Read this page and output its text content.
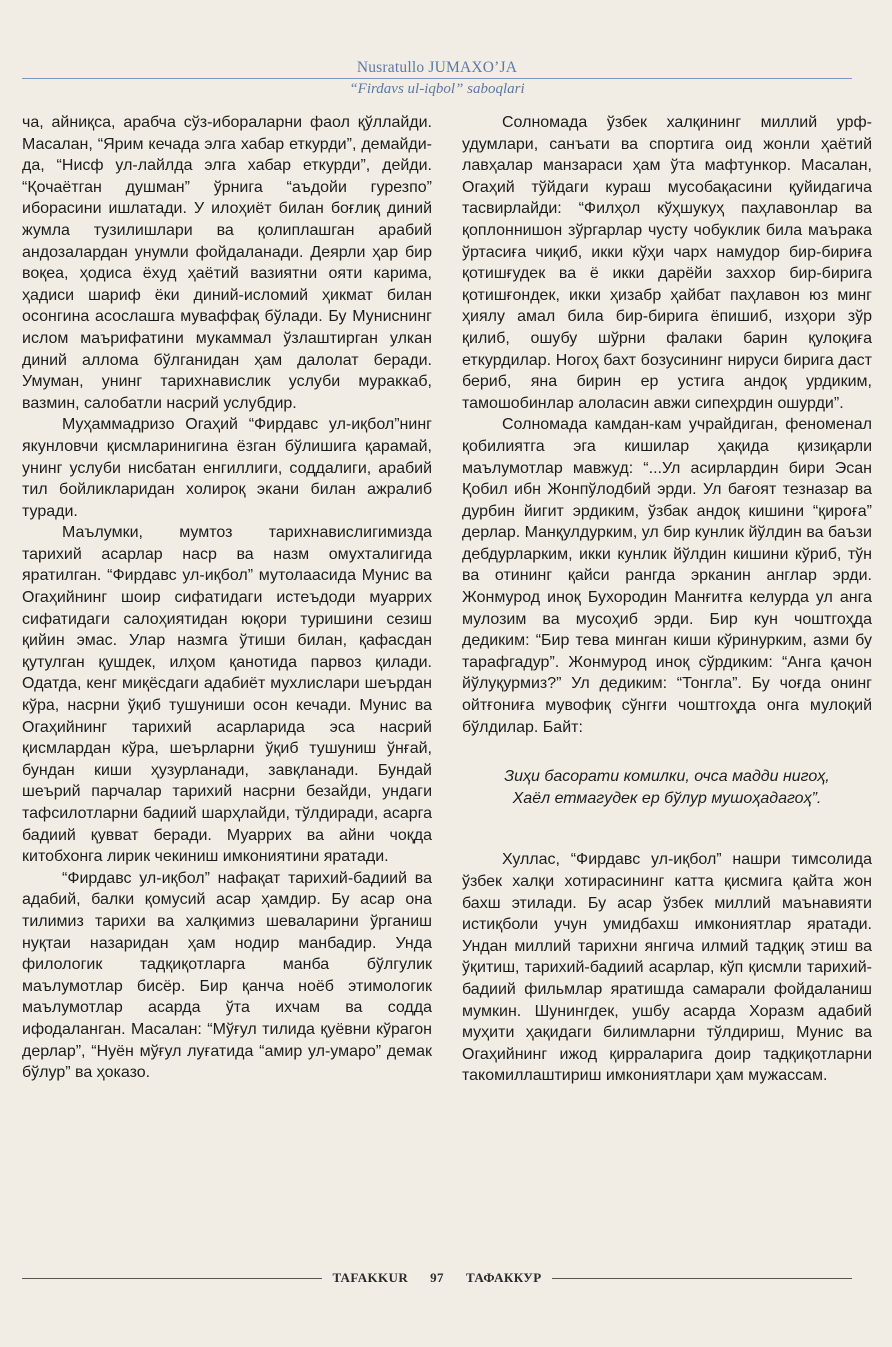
Nusratullo JUMAXO’JA
“Firdavs ul-iqbol” saboqlari

ча, айниқса, арабча сўз-ибораларни фаол қўллайди. Масалан, “Ярим кечада элга хабар еткурди”, демайди-да, “Нисф ул-лайлда элга хабар еткурди”, дейди. “Қочаётган душман” ўрнига “аъдойи гурезпо” иборасини ишлатади. У илоҳиёт билан боғлиқ диний жумла тузилишлари ва қолиплашган арабий андозалардан унумли фойдаланади. Деярли ҳар бир воқеа, ҳодиса ёхуд ҳаётий вазиятни ояти карима, ҳадиси шариф ёки диний-исломий ҳикмат билан осонгина асослашга муваффақ бўлади. Бу Муниснинг ислом маърифатини мукаммал ўзлаштирган улкан диний аллома бўлганидан ҳам далолат беради. Умуман, унинг тарихнавислик услуби мураккаб, вазмин, салобатли насрий услубдир.

Муҳаммадризо Огаҳий “Фирдавс ул-иқбол”нинг якунловчи қисмларинигина ёзган бўлишига қарамай, унинг услуби нисбатан енгиллиги, соддалиги, арабий тил бойликларидан холироқ экани билан ажралиб туради.

Маълумки, мумтоз тарихнавислигимизда тарихий асарлар наср ва назм омухталигида яратилган. “Фирдавс ул-иқбол” мутолаасида Мунис ва Огаҳийнинг шоир сифатидаги истеъдоди муаррих сифатидаги салоҳиятидан юқори туришини сезиш қийин эмас. Улар назмга ўтиши билан, қафасдан қутулган қушдек, илҳом қанотида парвоз қилади. Одатда, кенг миқёсдаги адабиёт мухлислари шеърдан кўра, насрни ўқиб тушуниши осон кечади. Мунис ва Огаҳийнинг тарихий асарларида эса насрий қисмлардан кўра, шеърларни ўқиб тушуниш ўнғай, бундан киши ҳузурланади, завқланади. Бундай шеърий парчалар тарихий насрни безайди, ундаги тафсилотларни бадиий шарҳлайди, тўлдиради, асарга бадиий қувват беради. Муаррих ва айни чоқда китобхонга лирик чекиниш имкониятини яратади.

“Фирдавс ул-иқбол” нафақат тарихий-бадиий ва адабий, балки қомусий асар ҳамдир. Бу асар она тилимиз тарихи ва халқимиз шеваларини ўрганиш нуқтаи назаридан ҳам нодир манбадир. Унда филологик тадқиқотларга манба бўлгулик маълумотлар бисёр. Бир қанча ноёб этимологик маълумотлар асарда ўта ихчам ва содда ифодаланган. Масалан: “Мўғул тилида қуёвни кўрагон дерлар”, “Нуён мўғул луғатида “амир ул-умаро” демак бўлур” ва ҳоказо.

Солномада ўзбек халқининг миллий урф-удумлари, санъати ва спортига оид жонли ҳаётий лавҳалар манзараси ҳам ўта мафтункор. Масалан, Огаҳий тўйдаги кураш мусобақасини қуйидагича тасвирлайди: “Филҳол кўҳшукуҳ паҳлавонлар ва қоплоннишон зўргарлар чусту чобуклик била маърака ўртасиға чиқиб, икки кўҳи чарх намудор бир-бириға қотишғудек ва ё икки дарёйи заххор бир-бирига қотишғондек, икки ҳизабр ҳайбат паҳлавон юз минг ҳиялу амал била бир-бирига ёпишиб, изҳори зўр қилиб, ошубу шўрни фалаки барин қулоқиға еткурдилар. Ногоҳ бахт бозусининг нируси бирига даст бериб, яна бирин ер устига андоқ урдиким, тамошобинлар алоласин авжи сипеҳрдин ошурди”.

Солномада камдан-кам учрайдиган, феноменал қобилиятга эга кишилар ҳақида қизиқарли маълумотлар мавжуд: “...Ул асирлардин бири Эсан Қобил ибн Жонпўлодбий эрди. Ул бағоят тезназар ва дурбин йигит эрдиким, ўзбак андоқ кишини “қироға” дерлар. Манқулдурким, ул бир кунлик йўлдин ва баъзи дебдурларким, икки кунлик йўлдин кишини кўриб, тўн ва отининг қайси рангда эрканин англар эрди. Жонмурод иноқ Бухородин Манғитға келурда ул анга мулозим ва мусоҳиб эрди. Бир кун чоштгоҳда дедиким: “Бир тева минган киши кўринурким, азми бу тарафгадур”. Жонмурод иноқ сўрдиким: “Анга қачон йўлуқурмиз?” Ул дедиким: “Тонгла”. Бу чоғда онинг ойтғониға мувофиқ сўнгғи чоштгоҳда онга мулоқий бўлдилар. Байт:

Зиҳи басорати комилки, очса мадди нигоҳ,
Хаёл етмагудек ер бўлур мушоҳадагоҳ”.

Хуллас, “Фирдавс ул-иқбол” нашри тимсолида ўзбек халқи хотирасининг катта қисмига қайта жон бахш этилади. Бу асар ўзбек миллий маънавияти истиқболи учун умидбахш имкониятлар яратади. Ундан миллий тарихни янгича илмий тадқиқ этиш ва ўқитиш, тарихий-бадиий асарлар, кўп қисмли тарихий-бадиий фильмлар яратишда самарали фойдаланиш мумкин. Шунингдек, ушбу асарда Хоразм адабий муҳити ҳақидаги билимларни тўлдириш, Мунис ва Огаҳийнинг ижод қирраларига доир тадқиқотларни такомиллаштириш имкониятлари ҳам мужассам.

TAFAKKUR 97 ТАФАККУР
